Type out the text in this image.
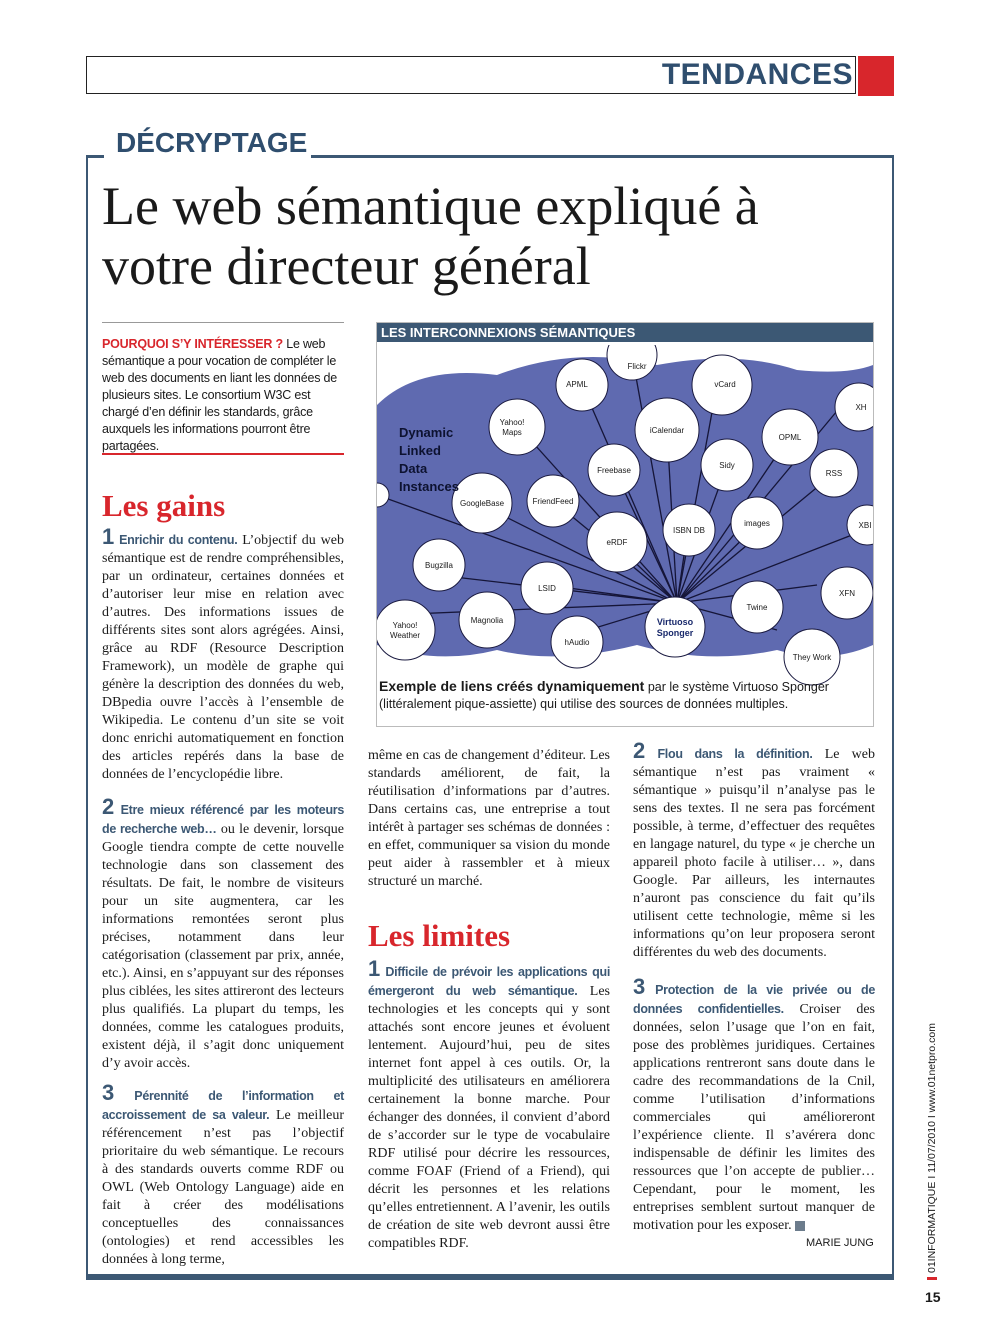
TENDANCES
DÉCRYPTAGE
Le web sémantique expliqué à votre directeur général
POURQUOI S’Y INTÉRESSER ? Le web sémantique a pour vocation de compléter le web des documents en liant les données de plusieurs sites. Le consortium W3C est chargé d’en définir les standards, grâce auxquels les informations pourront être partagées.
LES INTERCONNEXIONS SÉMANTIQUES
Flickr
APML	vCard
XH
Yahoo!
Maps	iCalendar
OPML
Sidy
RSS
Freebase
GoogleBase	FriendFeed
ISBN DB
images	XBI
eRDF
Bugzilla
LSID
XFN
Twine
Magnolia
Yahoo!
Weather
hAudio
They Work
Virtuoso
Sponger
Dynamic
Linked
Data
Instances
Exemple de liens créés dynamiquement par le système Virtuoso Sponger (littéralement pique-assiette) qui utilise des sources de données multiples.
Les gains

1 Enrichir du contenu. L’objectif du web sémantique est de rendre compréhensibles, par un ordinateur, certaines données et d’autoriser leur mise en relation avec d’autres. Des informations issues de différents sites sont alors agrégées. Ainsi, grâce au RDF (Resource Description Framework), un modèle de graphe qui génère la description des données du web, DBpedia ouvre l’accès à l’ensemble de Wikipedia. Le contenu d’un site se voit donc enrichi automatiquement en fonction des articles repérés dans la base de données de l’encyclopédie libre.

2 Etre mieux référencé par les moteurs de recherche web… ou le devenir, lorsque Google tiendra compte de cette nouvelle technologie dans son classement des résultats. De fait, le nombre de visiteurs pour un site augmentera, car les informations remontées seront plus précises, notamment dans leur catégorisation (classement par prix, année, etc.). Ainsi, en s’appuyant sur des réponses plus ciblées, les sites attireront des lecteurs plus qualifiés. La plupart du temps, les données, comme les catalogues produits, existent déjà, il s’agit donc uniquement d’y avoir accès.

3 Pérennité de l’information et accroissement de sa valeur. Le meilleur référencement n’est pas l’objectif prioritaire du web sémantique. Le recours à des standards ouverts comme RDF ou OWL (Web Ontology Language) aide en fait à créer des modélisations conceptuelles des connaissances (ontologies) et rend accessibles les données à long terme,

même en cas de changement d’éditeur. Les standards améliorent, de fait, la réutilisation d’informations par d’autres. Dans certains cas, une entreprise a tout intérêt à partager ses schémas de données : en effet, communiquer sa vision du monde peut aider à rassembler et à mieux structuré un marché.

Les limites

1 Difficile de prévoir les applications qui émergeront du web sémantique. Les technologies et les concepts qui y sont attachés sont encore jeunes et évoluent lentement. Aujourd’hui, peu de sites internet font appel à ces outils. Or, la multiplicité des utilisateurs en améliorera certainement la bonne marche. Pour échanger des données, il convient d’abord de s’accorder sur le type de vocabulaire RDF utilisé pour décrire les ressources, comme FOAF (Friend of a Friend), qui décrit les personnes et les relations qu’elles entretiennent. A l’avenir, les outils de création de site web devront aussi être compatibles RDF.

2 Flou dans la définition. Le web sémantique n’est pas vraiment « sémantique » puisqu’il n’analyse pas le sens des textes. Il ne sera pas forcément possible, à terme, d’effectuer des requêtes en langage naturel, du type « je cherche un appareil photo facile à utiliser… », dans Google. Par ailleurs, les internautes n’auront pas conscience du fait qu’ils utilisent cette technologie, même si les informations qu’on leur proposera seront différentes du web des documents.

3 Protection de la vie privée ou de données confidentielles. Croiser des données, selon l’usage que l’on en fait, pose des problèmes juridiques. Certaines applications rentreront sans doute dans le cadre des recommandations de la Cnil, comme l’utilisation d’informations commerciales qui amélioreront l’expérience cliente. Il s’avérera donc indispensable de définir les limites des ressources que l’on accepte de publier… Cependant, pour le moment, les entreprises semblent surtout manquer de motivation pour les exposer.

MARIE JUNG	01INFORMATIQUE I 11/07/2010 I www.01netpro.com
15
